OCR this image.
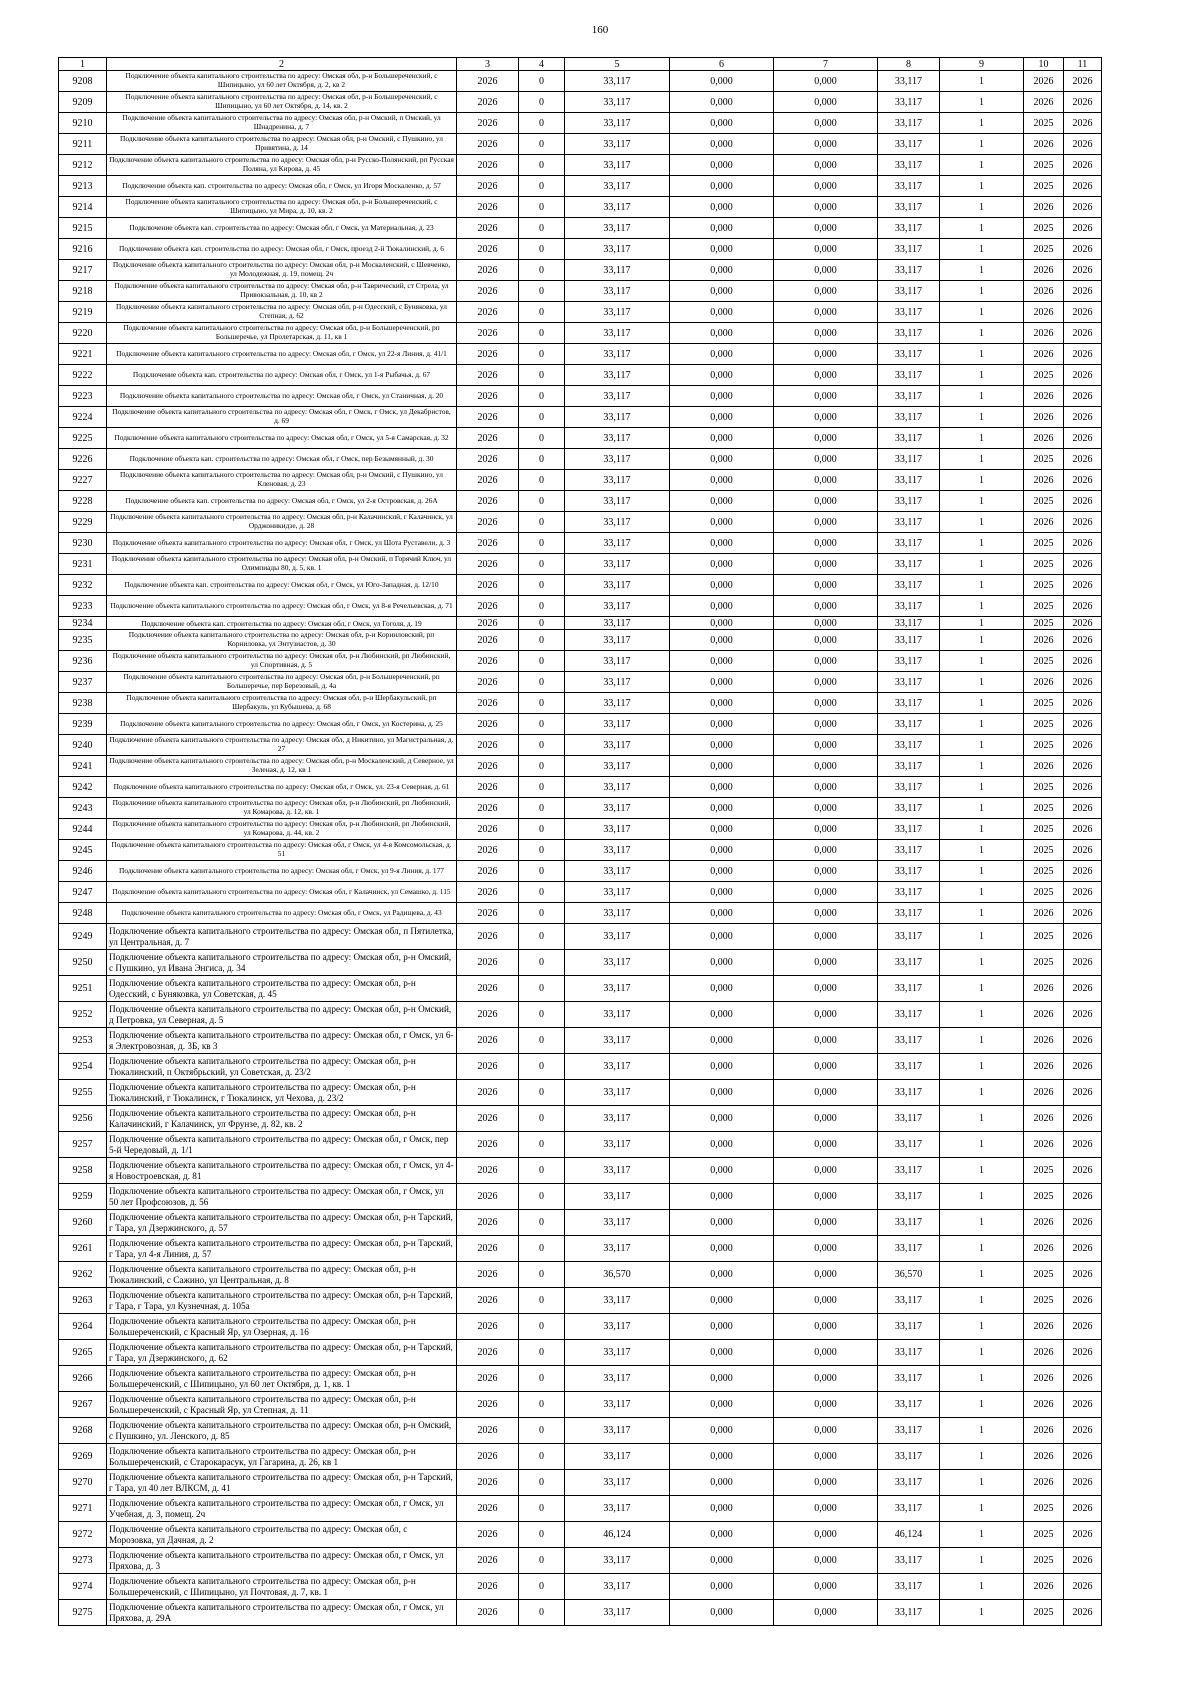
160
1	2	3	4	5	6	7	8	9	10	11
9208	Подключение объекта капитального строительства по адресу: Омская обл, р-н Большереченский, с Шипицыно, ул 60 лет Октября, д. 2, кв 2	2026	0	33,117	0,000	0,000	33,117	1	2026	2026
9209	Подключение объекта капитального строительства по адресу: Омская обл, р-н Большереченский, с Шипицыно, ул 60 лет Октября, д. 14, кв. 2	2026	0	33,117	0,000	0,000	33,117	1	2026	2026
9210	Подключение объекта капитального строительства по адресу: Омская обл, р-н Омский, п Омский, ул Шнадренина, д. 7	2026	0	33,117	0,000	0,000	33,117	1	2025	2026
9211	Подключение объекта капитального строительства по адресу: Омская обл, р-н Омский, с Пушкино, ул Привятина, д. 14	2026	0	33,117	0,000	0,000	33,117	1	2026	2026
9212	Подключение объекта капитального строительства по адресу: Омская обл, р-н Русско-Полянский, рп Русская Поляна, ул Кирова, д. 45	2026	0	33,117	0,000	0,000	33,117	1	2025	2026
9213	Подключение объекта кап. строительства по адресу: Омская обл, г Омск, ул Игоря Москаленко, д. 57	2026	0	33,117	0,000	0,000	33,117	1	2025	2026
9214	Подключение объекта капитального строительства по адресу: Омская обл, р-н Большереченский, с Шипицыно, ул Мира, д. 10, кв. 2	2026	0	33,117	0,000	0,000	33,117	1	2026	2026
9215	Подключение объекта кап. строительства по адресу: Омская обл, г Омск, ул Материальная, д. 23	2026	0	33,117	0,000	0,000	33,117	1	2025	2026
9216	Подключение объекта кап. строительства по адресу: Омская обл, г Омск, проезд 2-й Тюкалинский, д. 6	2026	0	33,117	0,000	0,000	33,117	1	2025	2026
9217	Подключение объекта капитального строительства по адресу: Омская обл, р-н Москаленский, с Шевченко, ул Молодежная, д. 19, помещ. 2ч	2026	0	33,117	0,000	0,000	33,117	1	2026	2026
9218	Подключение объекта капитального строительства по адресу: Омская обл, р-н Таврический, ст Стрела, ул Привокзальная, д. 10, кв 2	2026	0	33,117	0,000	0,000	33,117	1	2026	2026
9219	Подключение объекта капитального строительства по адресу: Омская обл, р-н Одесский, с Буняковка, ул Степная, д. 62	2026	0	33,117	0,000	0,000	33,117	1	2026	2026
9220	Подключение объекта капитального строительства по адресу: Омская обл, р-н Большереченский, рп Большеречье, ул Пролетарская, д. 11, кв 1	2026	0	33,117	0,000	0,000	33,117	1	2026	2026
9221	Подключение объекта капитального строительства по адресу: Омская обл, г Омск, ул 22-я Линия, д. 41/1	2026	0	33,117	0,000	0,000	33,117	1	2026	2026
9222	Подключение объекта кап. строительства по адресу: Омская обл, г Омск, ул 1-я Рыбачья, д. 67	2026	0	33,117	0,000	0,000	33,117	1	2025	2026
9223	Подключение объекта капитального строительства по адресу: Омская обл, г Омск, ул Станичная, д. 20	2026	0	33,117	0,000	0,000	33,117	1	2026	2026
9224	Подключение объекта капитального строительства по адресу: Омская обл, г Омск, г Омск, ул Декабристов, д. 69	2026	0	33,117	0,000	0,000	33,117	1	2026	2026
9225	Подключение объекта капитального строительства по адресу: Омская обл, г Омск, ул 5-я Самарская, д. 32	2026	0	33,117	0,000	0,000	33,117	1	2026	2026
9226	Подключение объекта кап. строительства по адресу: Омская обл, г Омск, пер Безымянный, д. 30	2026	0	33,117	0,000	0,000	33,117	1	2025	2026
9227	Подключение объекта капитального строительства по адресу: Омская обл, р-н Омский, с Пушкино, ул Кленовая, д. 23	2026	0	33,117	0,000	0,000	33,117	1	2026	2026
9228	Подключение объекта кап. строительства по адресу: Омская обл, г Омск, ул 2-я Островская, д. 26А	2026	0	33,117	0,000	0,000	33,117	1	2025	2026
9229	Подключение объекта капитального строительства по адресу: Омская обл, р-н Калачинский, г Калачинск, ул Орджоникидзе, д. 28	2026	0	33,117	0,000	0,000	33,117	1	2026	2026
9230	Подключение объекта капитального строительства по адресу: Омская обл, г Омск, ул Шота Руставели, д. 3	2026	0	33,117	0,000	0,000	33,117	1	2025	2026
9231	Подключение объекта капитального строительства по адресу: Омская обл, р-н Омский, п Горячий Ключ, ул Олимпиады 80, д. 5, кв. 1	2026	0	33,117	0,000	0,000	33,117	1	2025	2026
9232	Подключение объекта кап. строительства по адресу: Омская обл, г Омск, ул Юго-Западная, д. 12/10	2026	0	33,117	0,000	0,000	33,117	1	2025	2026
9233	Подключение объекта капитального строительства по адресу: Омская обл, г Омск, ул 8-я Речельевская, д. 71	2026	0	33,117	0,000	0,000	33,117	1	2025	2026
9234	Подключение объекта кап. строительства по адресу: Омская обл, г Омск, ул Гоголя, д. 19	2026	0	33,117	0,000	0,000	33,117	1	2025	2026
9235	Подключение объекта капитального строительства по адресу: Омская обл, р-н Корниловский, рп Корниловка, ул Энтузиастов, д. 30	2026	0	33,117	0,000	0,000	33,117	1	2026	2026
9236	Подключение объекта капитального строительства по адресу: Омская обл, р-н Любинский, рп Любинский, ул Спортивная, д. 5	2026	0	33,117	0,000	0,000	33,117	1	2025	2026
9237	Подключение объекта капитального строительства по адресу: Омская обл, р-н Большереченский, рп Большеречье, пер Березовый, д. 4а	2026	0	33,117	0,000	0,000	33,117	1	2026	2026
9238	Подключение объекта капитального строительства по адресу: Омская обл, р-н Шербакульский, рп Шербакуль, ул Кубышева, д. 68	2026	0	33,117	0,000	0,000	33,117	1	2025	2026
9239	Подключение объекта капитального строительства по адресу: Омская обл, г Омск, ул Костерина, д. 25	2026	0	33,117	0,000	0,000	33,117	1	2025	2026
9240	Подключение объекта капитального строительства по адресу: Омская обл, д Никитино, ул Магистральная, д. 27	2026	0	33,117	0,000	0,000	33,117	1	2025	2026
9241	Подключение объекта капитального строительства по адресу: Омская обл, р-н Москаленский, д Северное, ул Зеленая, д. 12, кв 1	2026	0	33,117	0,000	0,000	33,117	1	2026	2026
9242	Подключение объекта капитального строительства по адресу: Омская обл, г Омск, ул. 23-я Северная, д. 61	2026	0	33,117	0,000	0,000	33,117	1	2025	2026
9243	Подключение объекта капитального строительства по адресу: Омская обл, р-н Любинский, рп Любинский, ул Комарова, д. 12, кв. 1	2026	0	33,117	0,000	0,000	33,117	1	2025	2026
9244	Подключение объекта капитального строительства по адресу: Омская обл, р-н Любинский, рп Любинский, ул Комарова, д. 44, кв. 2	2026	0	33,117	0,000	0,000	33,117	1	2025	2026
9245	Подключение объекта капитального строительства по адресу: Омская обл, г Омск, ул 4-я Комсомольская, д. 51	2026	0	33,117	0,000	0,000	33,117	1	2025	2026
9246	Подключение объекта капитального строительства по адресу: Омская обл, г Омск, ул 9-я Линия, д. 177	2026	0	33,117	0,000	0,000	33,117	1	2025	2026
9247	Подключение объекта капитального строительства по адресу: Омская обл, г Калачинск, ул Семашко, д. 115	2026	0	33,117	0,000	0,000	33,117	1	2025	2026
9248	Подключение объекта капитального строительства по адресу: Омская обл, г Омск, ул Радищева, д. 43	2026	0	33,117	0,000	0,000	33,117	1	2026	2026
9249	Подключение объекта капитального строительства по адресу: Омская обл, п Пятилетка, ул Центральная, д. 7	2026	0	33,117	0,000	0,000	33,117	1	2025	2026
9250	Подключение объекта капитального строительства по адресу: Омская обл, р-н Омский, с Пушкино, ул Ивана Энгиса, д. 34	2026	0	33,117	0,000	0,000	33,117	1	2025	2026
9251	Подключение объекта капитального строительства по адресу: Омская обл, р-н Одесский, с Буняковка, ул Советская, д. 45	2026	0	33,117	0,000	0,000	33,117	1	2026	2026
9252	Подключение объекта капитального строительства по адресу: Омская обл, р-н Омский, д Петровка, ул Северная, д. 5	2026	0	33,117	0,000	0,000	33,117	1	2026	2026
9253	Подключение объекта капитального строительства по адресу: Омская обл, г Омск, ул 6-я Электровозная, д. 3Б, кв 3	2026	0	33,117	0,000	0,000	33,117	1	2026	2026
9254	Подключение объекта капитального строительства по адресу: Омская обл, р-н Тюкалинский, п Октябрьский, ул Советская, д. 23/2	2026	0	33,117	0,000	0,000	33,117	1	2026	2026
9255	Подключение объекта капитального строительства по адресу: Омская обл, р-н Тюкалинский, г Тюкалинск, г Тюкалинск, ул Чехова, д. 23/2	2026	0	33,117	0,000	0,000	33,117	1	2026	2026
9256	Подключение объекта капитального строительства по адресу: Омская обл, р-н Калачинский, г Калачинск, ул Фрунзе, д. 82, кв. 2	2026	0	33,117	0,000	0,000	33,117	1	2026	2026
9257	Подключение объекта капитального строительства по адресу: Омская обл, г Омск, пер 5-й Чередовый, д. 1/1	2026	0	33,117	0,000	0,000	33,117	1	2026	2026
9258	Подключение объекта капитального строительства по адресу: Омская обл, г Омск, ул 4-я Новостроевская, д. 81	2026	0	33,117	0,000	0,000	33,117	1	2025	2026
9259	Подключение объекта капитального строительства по адресу: Омская обл, г Омск, ул 50 лет Профсоюзов, д. 56	2026	0	33,117	0,000	0,000	33,117	1	2025	2026
9260	Подключение объекта капитального строительства по адресу: Омская обл, р-н Тарский, г Тара, ул Дзержинского, д. 57	2026	0	33,117	0,000	0,000	33,117	1	2026	2026
9261	Подключение объекта капитального строительства по адресу: Омская обл, р-н Тарский, г Тара, ул 4-я Линия, д. 57	2026	0	33,117	0,000	0,000	33,117	1	2026	2026
9262	Подключение объекта капитального строительства по адресу: Омская обл, р-н Тюкалинский, с Сажино, ул Центральная, д. 8	2026	0	36,570	0,000	0,000	36,570	1	2025	2026
9263	Подключение объекта капитального строительства по адресу: Омская обл, р-н Тарский, г Тара, г Тара, ул Кузнечная, д. 105а	2026	0	33,117	0,000	0,000	33,117	1	2025	2026
9264	Подключение объекта капитального строительства по адресу: Омская обл, р-н Большереченский, с Красный Яр, ул Озерная, д. 16	2026	0	33,117	0,000	0,000	33,117	1	2026	2026
9265	Подключение объекта капитального строительства по адресу: Омская обл, р-н Тарский, г Тара, ул Дзержинского, д. 62	2026	0	33,117	0,000	0,000	33,117	1	2026	2026
9266	Подключение объекта капитального строительства по адресу: Омская обл, р-н Большереченский, с Шипицыно, ул 60 лет Октября, д. 1, кв. 1	2026	0	33,117	0,000	0,000	33,117	1	2026	2026
9267	Подключение объекта капитального строительства по адресу: Омская обл, р-н Большереченский, с Красный Яр, ул Степная, д. 11	2026	0	33,117	0,000	0,000	33,117	1	2026	2026
9268	Подключение объекта капитального строительства по адресу: Омская обл, р-н Омский, с Пушкино, ул. Ленского, д. 85	2026	0	33,117	0,000	0,000	33,117	1	2026	2026
9269	Подключение объекта капитального строительства по адресу: Омская обл, р-н Большереченский, с Старокарасук, ул Гагарина, д. 26, кв 1	2026	0	33,117	0,000	0,000	33,117	1	2026	2026
9270	Подключение объекта капитального строительства по адресу: Омская обл, р-н Тарский, г Тара, ул 40 лет ВЛКСМ, д. 41	2026	0	33,117	0,000	0,000	33,117	1	2026	2026
9271	Подключение объекта капитального строительства по адресу: Омская обл, г Омск, ул Учебная, д. 3, помещ. 2ч	2026	0	33,117	0,000	0,000	33,117	1	2025	2026
9272	Подключение объекта капитального строительства по адресу: Омская обл, с Морозовка, ул Дачная, д. 2	2026	0	46,124	0,000	0,000	46,124	1	2025	2026
9273	Подключение объекта капитального строительства по адресу: Омская обл, г Омск, ул Пряхова, д. 3	2026	0	33,117	0,000	0,000	33,117	1	2025	2026
9274	Подключение объекта капитального строительства по адресу: Омская обл, р-н Большереченский, с Шипицыно, ул Почтовая, д. 7, кв. 1	2026	0	33,117	0,000	0,000	33,117	1	2026	2026
9275	Подключение объекта капитального строительства по адресу: Омская обл, г Омск, ул Пряхова, д. 29А	2026	0	33,117	0,000	0,000	33,117	1	2025	2026
